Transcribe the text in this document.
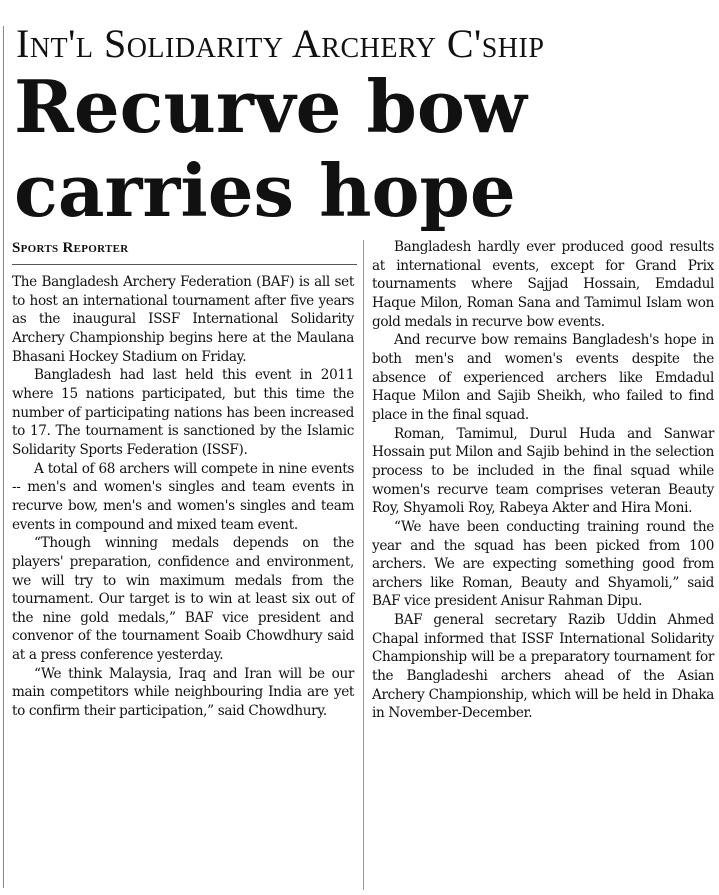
Int'l Solidarity Archery C'ship
Recurve bow
carries hope
Sports Reporter

The Bangladesh Archery Federation (BAF) is all set to host an international tournament after five years as the inaugural ISSF International Solidarity Archery Championship begins here at the Maulana Bhasani Hockey Stadium on Friday.

Bangladesh had last held this event in 2011 where 15 nations participated, but this time the number of participating nations has been increased to 17. The tournament is sanctioned by the Islamic Solidarity Sports Federation (ISSF).

A total of 68 archers will compete in nine events -- men's and women's singles and team events in recurve bow, men's and women's singles and team events in compound and mixed team event.

“Though winning medals depends on the players' preparation, confidence and environment, we will try to win maximum medals from the tournament. Our target is to win at least six out of the nine gold medals,” BAF vice president and convenor of the tournament Soaib Chowdhury said at a press conference yesterday.

“We think Malaysia, Iraq and Iran will be our main competitors while neighbouring India are yet to confirm their participation,” said Chowdhury.

Bangladesh hardly ever produced good results at international events, except for Grand Prix tournaments where Sajjad Hossain, Emdadul Haque Milon, Roman Sana and Tamimul Islam won gold medals in recurve bow events.

And recurve bow remains Bangladesh's hope in both men's and women's events despite the absence of experienced archers like Emdadul Haque Milon and Sajib Sheikh, who failed to find place in the final squad.

Roman, Tamimul, Durul Huda and Sanwar Hossain put Milon and Sajib behind in the selection process to be included in the final squad while women's recurve team comprises veteran Beauty Roy, Shyamoli Roy, Rabeya Akter and Hira Moni.

“We have been conducting training round the year and the squad has been picked from 100 archers. We are expecting something good from archers like Roman, Beauty and Shyamoli,” said BAF vice president Anisur Rahman Dipu.

BAF general secretary Razib Uddin Ahmed Chapal informed that ISSF International Solidarity Championship will be a preparatory tournament for the Bangladeshi archers ahead of the Asian Archery Championship, which will be held in Dhaka in November-December.
